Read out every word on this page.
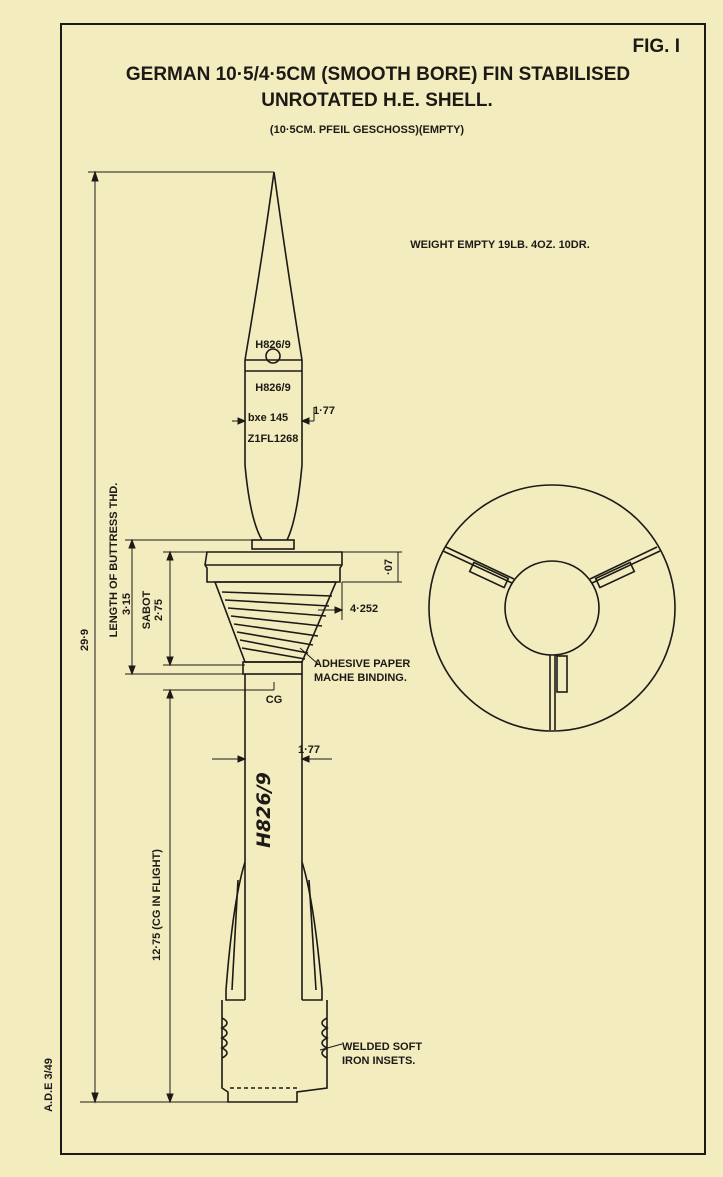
FIG. I
GERMAN 10·5/4·5CM (SMOOTH BORE) FIN STABILISED
UNROTATED H.E. SHELL.
(10·5CM. PFEIL GESCHOSS)(EMPTY)
WEIGHT EMPTY 19LB. 4OZ. 10DR.
A.D.E 3/49
H826/9
H826/9
bxe 145
Z1FL1268
H826/9
29·9
LENGTH OF BUTTRESS THD. 3·15 SABOT 2·75
12·75 (CG IN FLIGHT)
1·77
1·77
·07
4·252
CG
ADHESIVE PAPER
MACHE BINDING.
WELDED SOFT
IRON INSETS.
